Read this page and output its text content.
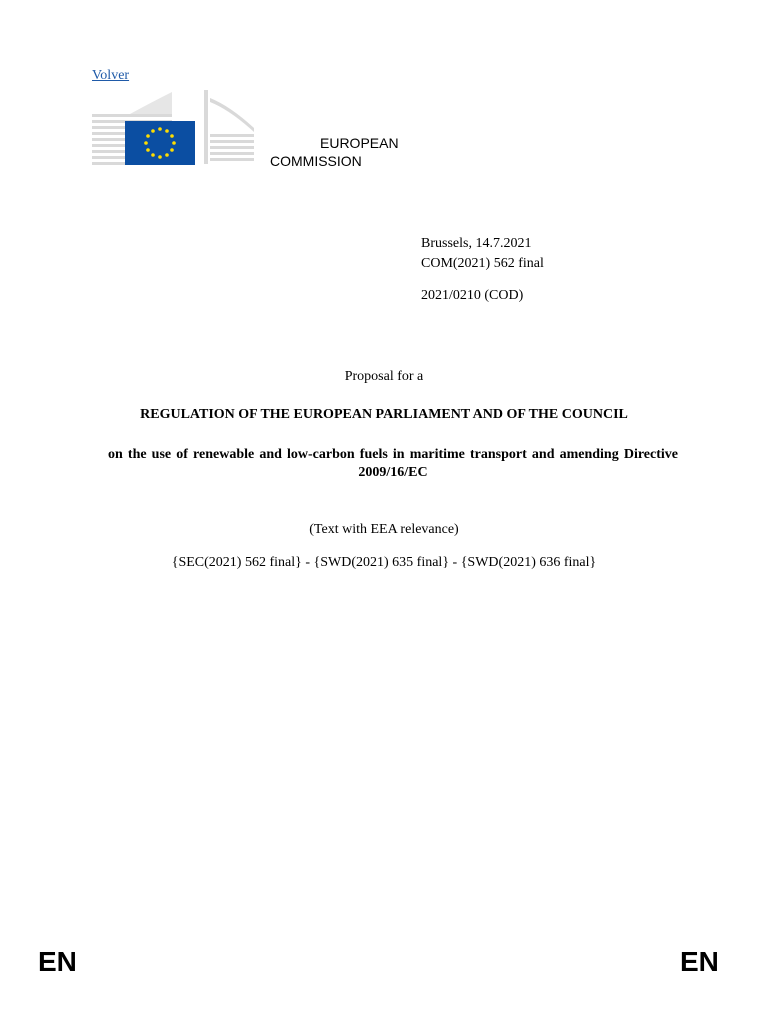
Volver
EUROPEAN
COMMISSION
Brussels, 14.7.2021
COM(2021) 562 final
2021/0210 (COD)
Proposal for a
REGULATION OF THE EUROPEAN PARLIAMENT AND OF THE COUNCIL
on the use of renewable and low-carbon fuels in maritime transport and amending Directive 2009/16/EC
(Text with EEA relevance)
{SEC(2021) 562 final} - {SWD(2021) 635 final} - {SWD(2021) 636 final}
EN	EN
